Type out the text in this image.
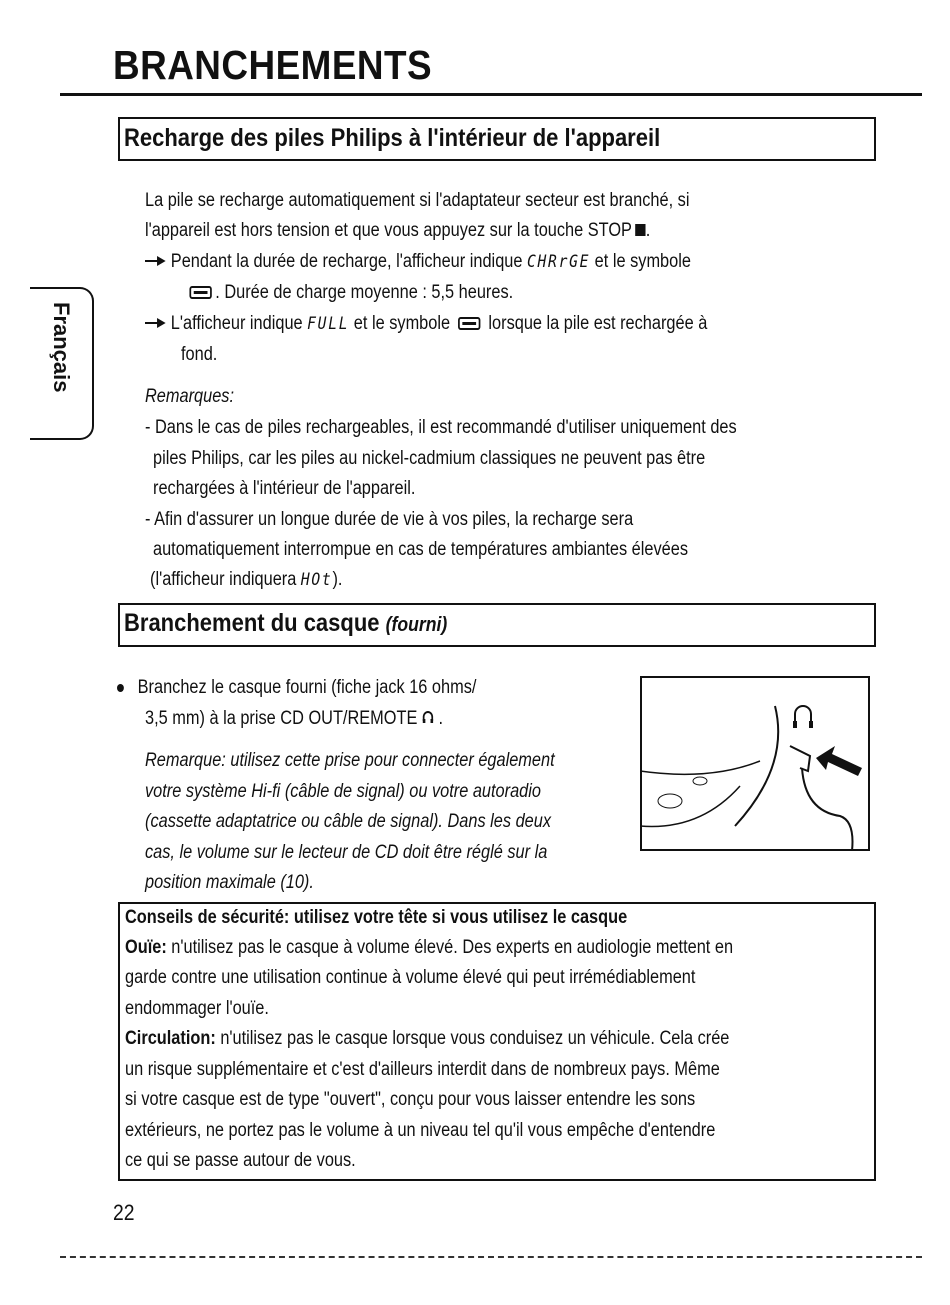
BRANCHEMENTS
Français
Recharge des piles Philips à l'intérieur de l'appareil
La pile se recharge automatiquement si l'adaptateur secteur est branché, si
l'appareil est hors tension et que vous appuyez sur la touche STOP .
Pendant la durée de recharge, l'afficheur indique CHRrGE et le symbole
. Durée de charge moyenne : 5,5 heures.
L'afficheur indique FULL et le symbole lorsque la pile est rechargée à
fond.
Remarques:
- Dans le cas de piles rechargeables, il est recommandé d'utiliser uniquement des
piles Philips, car les piles au nickel-cadmium classiques ne peuvent pas être
rechargées à l'intérieur de l'appareil.
- Afin d'assurer un longue durée de vie à vos piles, la recharge sera
automatiquement interrompue en cas de températures ambiantes élevées
(l'afficheur indiquera HOt).
Branchement du casque (fourni)
Branchez le casque fourni (fiche jack 16 ohms/
3,5 mm) à la prise CD OUT/REMOTE .
Remarque: utilisez cette prise pour connecter également
votre système Hi-fi (câble de signal) ou votre autoradio
(cassette adaptatrice ou câble de signal). Dans les deux
cas, le volume sur le lecteur de CD doit être réglé sur la
position maximale (10).
Conseils de sécurité: utilisez votre tête si vous utilisez le casque
Ouïe: n'utilisez pas le casque à volume élevé. Des experts en audiologie mettent en
garde contre une utilisation continue à volume élevé qui peut irrémédiablement
endommager l'ouïe.
Circulation: n'utilisez pas le casque lorsque vous conduisez un véhicule. Cela crée
un risque supplémentaire et c'est d'ailleurs interdit dans de nombreux pays. Même
si votre casque est de type "ouvert", conçu pour vous laisser entendre les sons
extérieurs, ne portez pas le volume à un niveau tel qu'il vous empêche d'entendre
ce qui se passe autour de vous.
22
